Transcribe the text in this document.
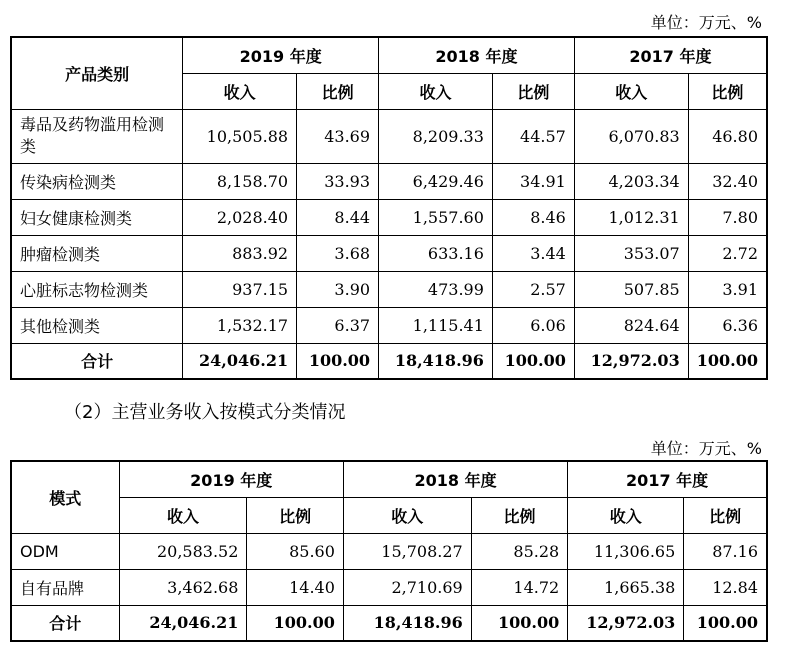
单位：万元、%
产品类别	2019 年度		2018 年度		2017 年度	
	收入	比例	收入	比例	收入	比例
毒品及药物滥用检测类	10,505.88	43.69	8,209.33	44.57	6,070.83	46.80
传染病检测类	8,158.70	33.93	6,429.46	34.91	4,203.34	32.40
妇女健康检测类	2,028.40	8.44	1,557.60	8.46	1,012.31	7.80
肿瘤检测类	883.92	3.68	633.16	3.44	353.07	2.72
心脏标志物检测类	937.15	3.90	473.99	2.57	507.85	3.91
其他检测类	1,532.17	6.37	1,115.41	6.06	824.64	6.36
合计	24,046.21	100.00	18,418.96	100.00	12,972.03	100.00
（2）主营业务收入按模式分类情况
单位：万元、%
模式	2019 年度		2018 年度		2017 年度	
	收入	比例	收入	比例	收入	比例
ODM	20,583.52	85.60	15,708.27	85.28	11,306.65	87.16
自有品牌	3,462.68	14.40	2,710.69	14.72	1,665.38	12.84
合计	24,046.21	100.00	18,418.96	100.00	12,972.03	100.00
